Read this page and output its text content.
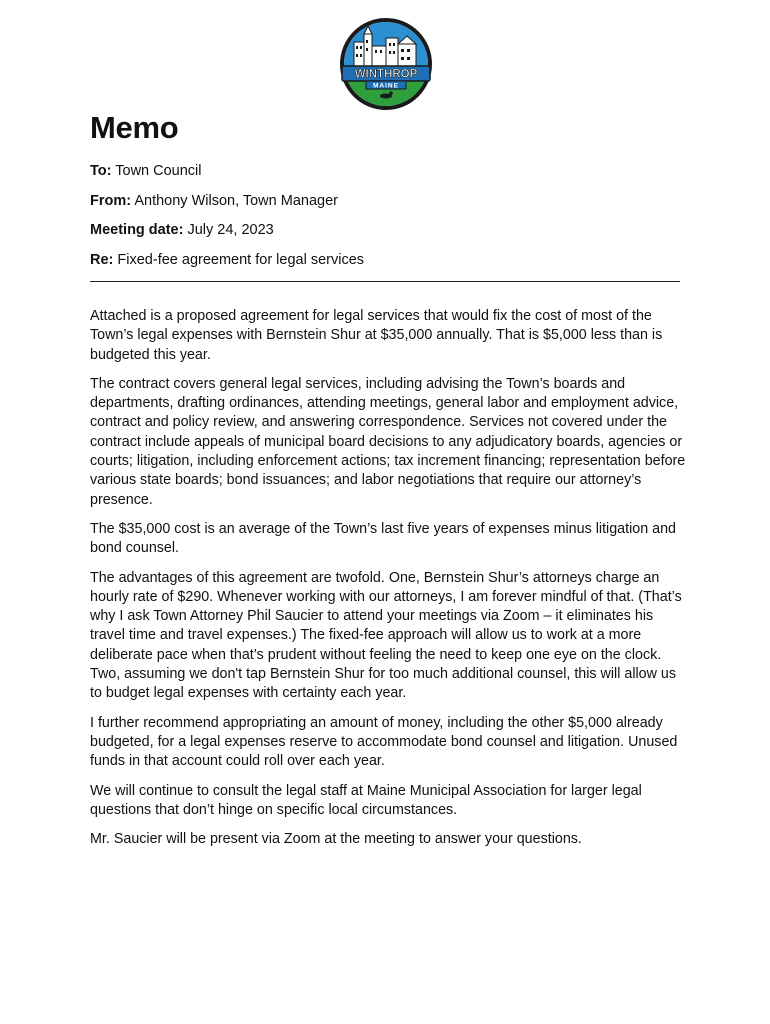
WINTHROP
MAINE
Memo
To: Town Council
From: Anthony Wilson, Town Manager
Meeting date: July 24, 2023
Re: Fixed-fee agreement for legal services

Attached is a proposed agreement for legal services that would fix the cost of most of the Town’s legal expenses with Bernstein Shur at $35,000 annually. That is $5,000 less than is budgeted this year.

The contract covers general legal services, including advising the Town’s boards and departments, drafting ordinances, attending meetings, general labor and employment advice, contract and policy review, and answering correspondence. Services not covered under the contract include appeals of municipal board decisions to any adjudicatory boards, agencies or courts; litigation, including enforcement actions; tax increment financing; representation before various state boards; bond issuances; and labor negotiations that require our attorney’s presence.

The $35,000 cost is an average of the Town’s last five years of expenses minus litigation and bond counsel.

The advantages of this agreement are twofold. One, Bernstein Shur’s attorneys charge an hourly rate of $290. Whenever working with our attorneys, I am forever mindful of that. (That’s why I ask Town Attorney Phil Saucier to attend your meetings via Zoom – it eliminates his travel time and travel expenses.) The fixed-fee approach will allow us to work at a more deliberate pace when that’s prudent without feeling the need to keep one eye on the clock. Two, assuming we don't tap Bernstein Shur for too much additional counsel, this will allow us to budget legal expenses with certainty each year.

I further recommend appropriating an amount of money, including the other $5,000 already budgeted, for a legal expenses reserve to accommodate bond counsel and litigation. Unused funds in that account could roll over each year.

We will continue to consult the legal staff at Maine Municipal Association for larger legal questions that don’t hinge on specific local circumstances.

Mr. Saucier will be present via Zoom at the meeting to answer your questions.
